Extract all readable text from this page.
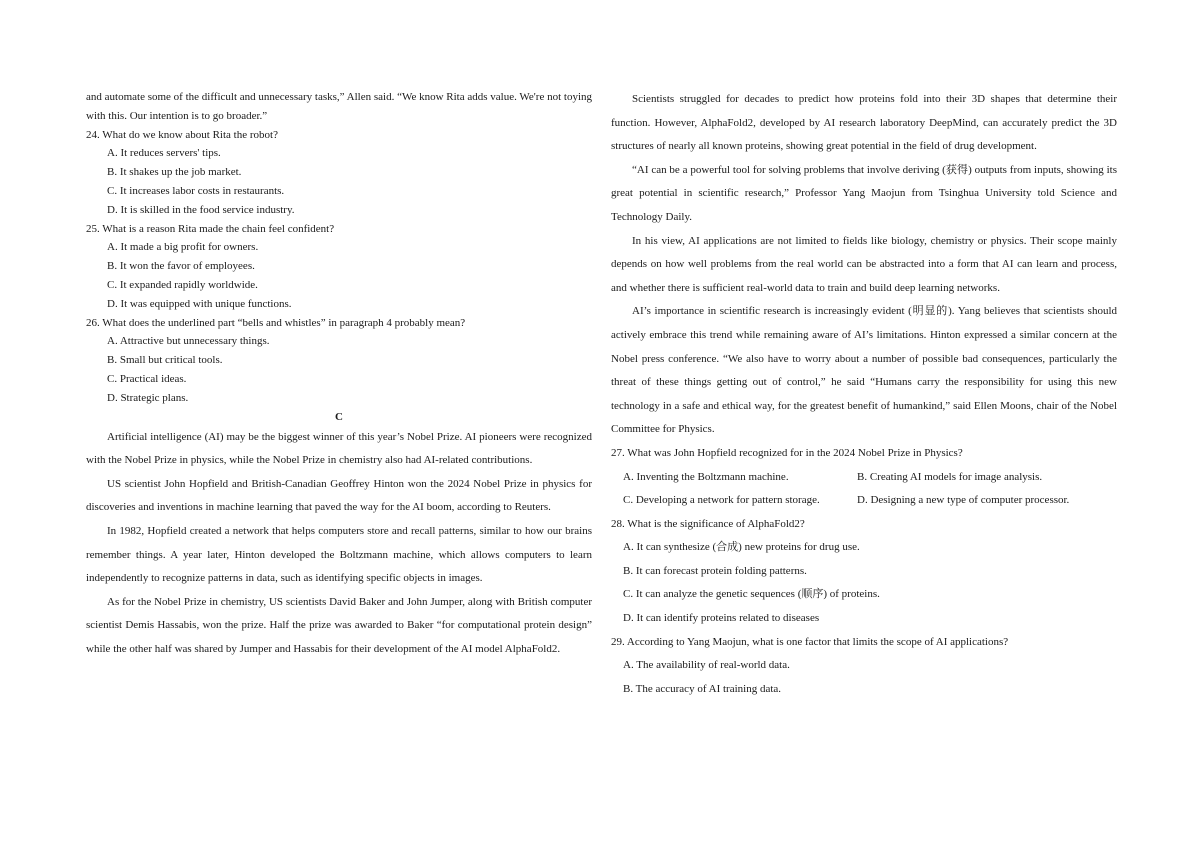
and automate some of the difficult and unnecessary tasks,” Allen said. “We know Rita adds value. We're not toying with this. Our intention is to go broader.”

24. What do we know about Rita the robot?

A. It reduces servers' tips.

B. It shakes up the job market.

C. It increases labor costs in restaurants.

D. It is skilled in the food service industry.

25. What is a reason Rita made the chain feel confident?

A. It made a big profit for owners.

B. It won the favor of employees.

C. It expanded rapidly worldwide.

D. It was equipped with unique functions.

26. What does the underlined part “bells and whistles” in paragraph 4 probably mean?

A. Attractive but unnecessary things.

B. Small but critical tools.

C. Practical ideas.

D. Strategic plans.

C

Artificial intelligence (AI) may be the biggest winner of this year’s Nobel Prize. AI pioneers were recognized with the Nobel Prize in physics, while the Nobel Prize in chemistry also had AI-related contributions.

US scientist John Hopfield and British-Canadian Geoffrey Hinton won the 2024 Nobel Prize in physics for discoveries and inventions in machine learning that paved the way for the AI boom, according to Reuters.

In 1982, Hopfield created a network that helps computers store and recall patterns, similar to how our brains remember things. A year later, Hinton developed the Boltzmann machine, which allows computers to learn independently to recognize patterns in data, such as identifying specific objects in images.

As for the Nobel Prize in chemistry, US scientists David Baker and John Jumper, along with British computer scientist Demis Hassabis, won the prize. Half the prize was awarded to Baker “for computational protein design” while the other half was shared by Jumper and Hassabis for their development of the AI model AlphaFold2.

Scientists struggled for decades to predict how proteins fold into their 3D shapes that determine their function. However, AlphaFold2, developed by AI research laboratory DeepMind, can accurately predict the 3D structures of nearly all known proteins, showing great potential in the field of drug development.

“AI can be a powerful tool for solving problems that involve deriving (获得) outputs from inputs, showing its great potential in scientific research,” Professor Yang Maojun from Tsinghua University told Science and Technology Daily.

In his view, AI applications are not limited to fields like biology, chemistry or physics. Their scope mainly depends on how well problems from the real world can be abstracted into a form that AI can learn and process, and whether there is sufficient real-world data to train and build deep learning networks.

AI’s importance in scientific research is increasingly evident (明显的). Yang believes that scientists should actively embrace this trend while remaining aware of AI’s limitations. Hinton expressed a similar concern at the Nobel press conference. “We also have to worry about a number of possible bad consequences, particularly the threat of these things getting out of control,” he said “Humans carry the responsibility for using this new technology in a safe and ethical way, for the greatest benefit of humankind,” said Ellen Moons, chair of the Nobel Committee for Physics.

27. What was John Hopfield recognized for in the 2024 Nobel Prize in Physics?

A. Inventing the Boltzmann machine.	B. Creating AI models for image analysis.
C. Developing a network for pattern storage.	D. Designing a new type of computer processor.

28. What is the significance of AlphaFold2?

A. It can synthesize (合成) new proteins for drug use.

B. It can forecast protein folding patterns.

C. It can analyze the genetic sequences (顺序) of proteins.

D. It can identify proteins related to diseases

29. According to Yang Maojun, what is one factor that limits the scope of AI applications?

A. The availability of real-world data.

B. The accuracy of AI training data.
